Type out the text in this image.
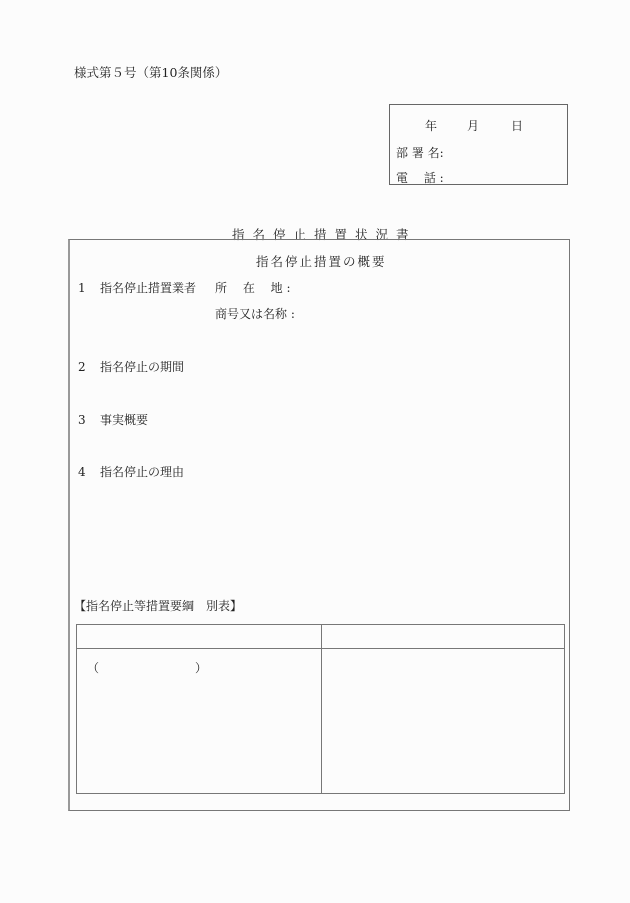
様式第５号（第10条関係）
年 月	日
部 署 名:
電　 話 :
指名停止措置状況書
指名停止措置の概要
1 指名停止措置業者 所　 在　 地 :
商号又は名称 :
2 指名停止の期間
3 事実概要
4 指名停止の理由
【指名停止等措置要綱　別表】
（	）
